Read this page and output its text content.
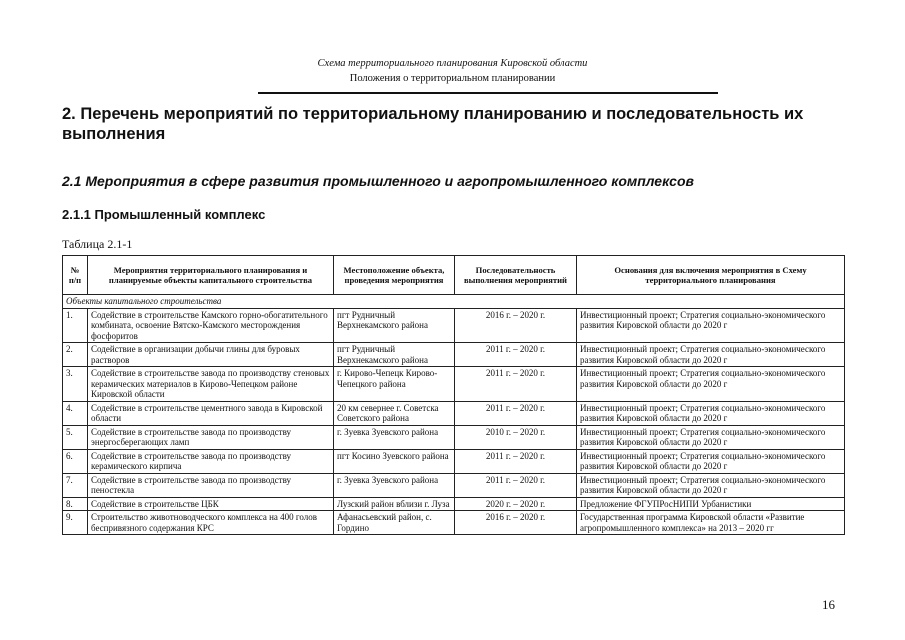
Схема территориального планирования Кировской области
Положения о территориальном планировании
2. Перечень мероприятий по территориальному планированию и последовательность их выполнения
2.1 Мероприятия в сфере развития промышленного и агропромышленного комплексов
2.1.1 Промышленный комплекс
Таблица 2.1-1
№ п/п	Мероприятия территориального планирования и планируемые объекты капитального строительства	Местоположение объекта, проведения мероприятия	Последовательность выполнения мероприятий	Основания для включения мероприятия в Схему территориального планирования
Объекты капитального строительства				
1.	Содействие в строительстве Камского горно-обогатительного комбината, освоение Вятско-Камского месторождения фосфоритов	пгт Рудничный Верхнекамского района	2016 г. – 2020 г.	Инвестиционный проект; Стратегия социально-экономического развития Кировской области до 2020 г
2.	Содействие в организации добычи глины для буровых растворов	пгт Рудничный Верхнекамского района	2011 г. – 2020 г.	Инвестиционный проект; Стратегия социально-экономического развития Кировской области до 2020 г
3.	Содействие в строительстве завода по производству стеновых керамических материалов в Кирово-Чепецком районе Кировской области	г. Кирово-Чепецк Кирово-Чепецкого района	2011 г. – 2020 г.	Инвестиционный проект; Стратегия социально-экономического развития Кировской области до 2020 г
4.	Содействие в строительстве цементного завода в Кировской области	20 км севернее г. Советска Советского района	2011 г. – 2020 г.	Инвестиционный проект; Стратегия социально-экономического развития Кировской области до 2020 г
5.	Содействие в строительстве завода по производству энергосберегающих ламп	г. Зуевка Зуевского района	2010 г. – 2020 г.	Инвестиционный проект; Стратегия социально-экономического развития Кировской области до 2020 г
6.	Содействие в строительстве завода по производству керамического кирпича	пгт Косино Зуевского района	2011 г. – 2020 г.	Инвестиционный проект; Стратегия социально-экономического развития Кировской области до 2020 г
7.	Содействие в строительстве завода по производству пеностекла	г. Зуевка Зуевского района	2011 г. – 2020 г.	Инвестиционный проект; Стратегия социально-экономического развития Кировской области до 2020 г
8.	Содействие в строительстве ЦБК	Лузский район вблизи г. Луза	2020 г. – 2020 г.	Предложение ФГУПРосНИПИ Урбанистики
9.	Строительство животноводческого комплекса на 400 голов беспривязного содержания КРС	Афанасьевский район, с. Гордино	2016 г. – 2020 г.	Государственная программа Кировской области «Развитие агропромышленного комплекса» на 2013 – 2020 гг
16
